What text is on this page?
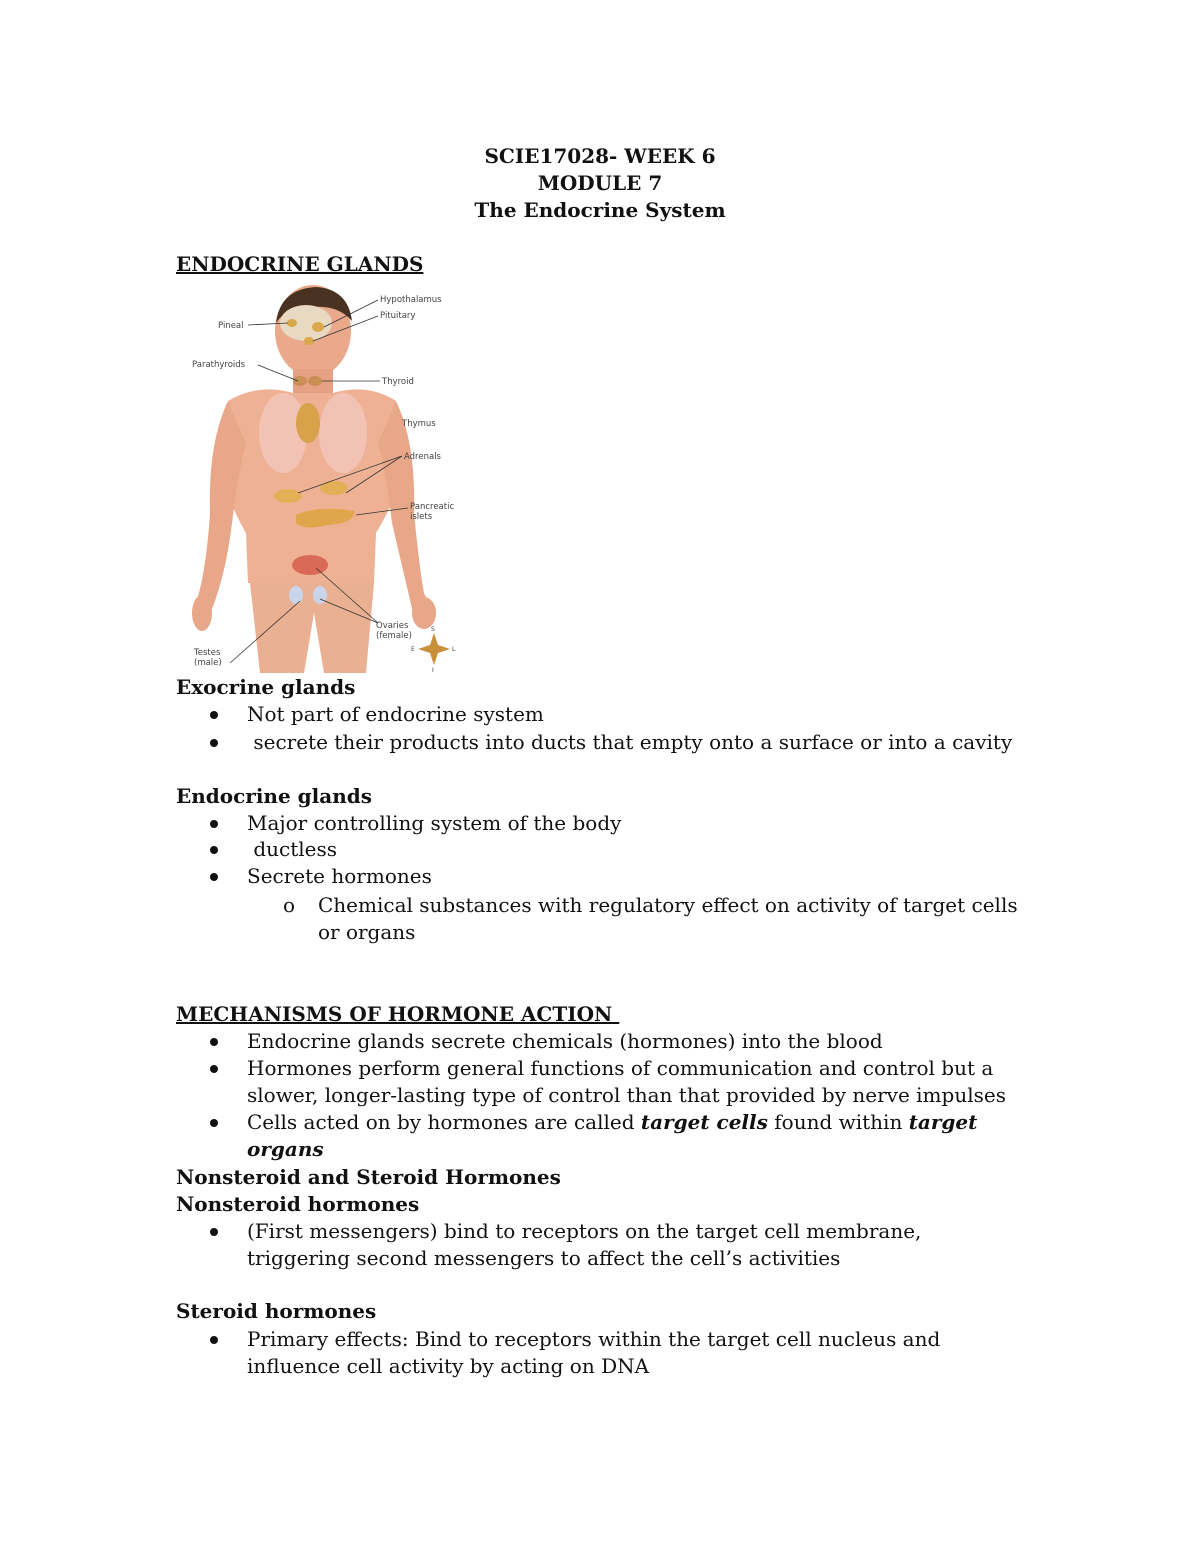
SCIE17028- WEEK 6
MODULE 7
The Endocrine System
ENDOCRINE GLANDS
Hypothalamus
Pituitary
Pineal
Parathyroids
Thyroid
Thymus
Adrenals
Pancreatic
islets
Ovaries
(female)
Testes
(male)
S
E	L
I
Exocrine glands
Not part of endocrine system
secrete their products into ducts that empty onto a surface or into a cavity
Endocrine glands
Major controlling system of the body
ductless
Secrete hormones
o Chemical substances with regulatory effect on activity of target cells or organs
MECHANISMS OF HORMONE ACTION
Endocrine glands secrete chemicals (hormones) into the blood
Hormones perform general functions of communication and control but a slower, longer-lasting type of control than that provided by nerve impulses
Cells acted on by hormones are called target cells found within target organs
Nonsteroid and Steroid Hormones
Nonsteroid hormones
(First messengers) bind to receptors on the target cell membrane, triggering second messengers to affect the cell’s activities
Steroid hormones
Primary effects: Bind to receptors within the target cell nucleus and influence cell activity by acting on DNA
